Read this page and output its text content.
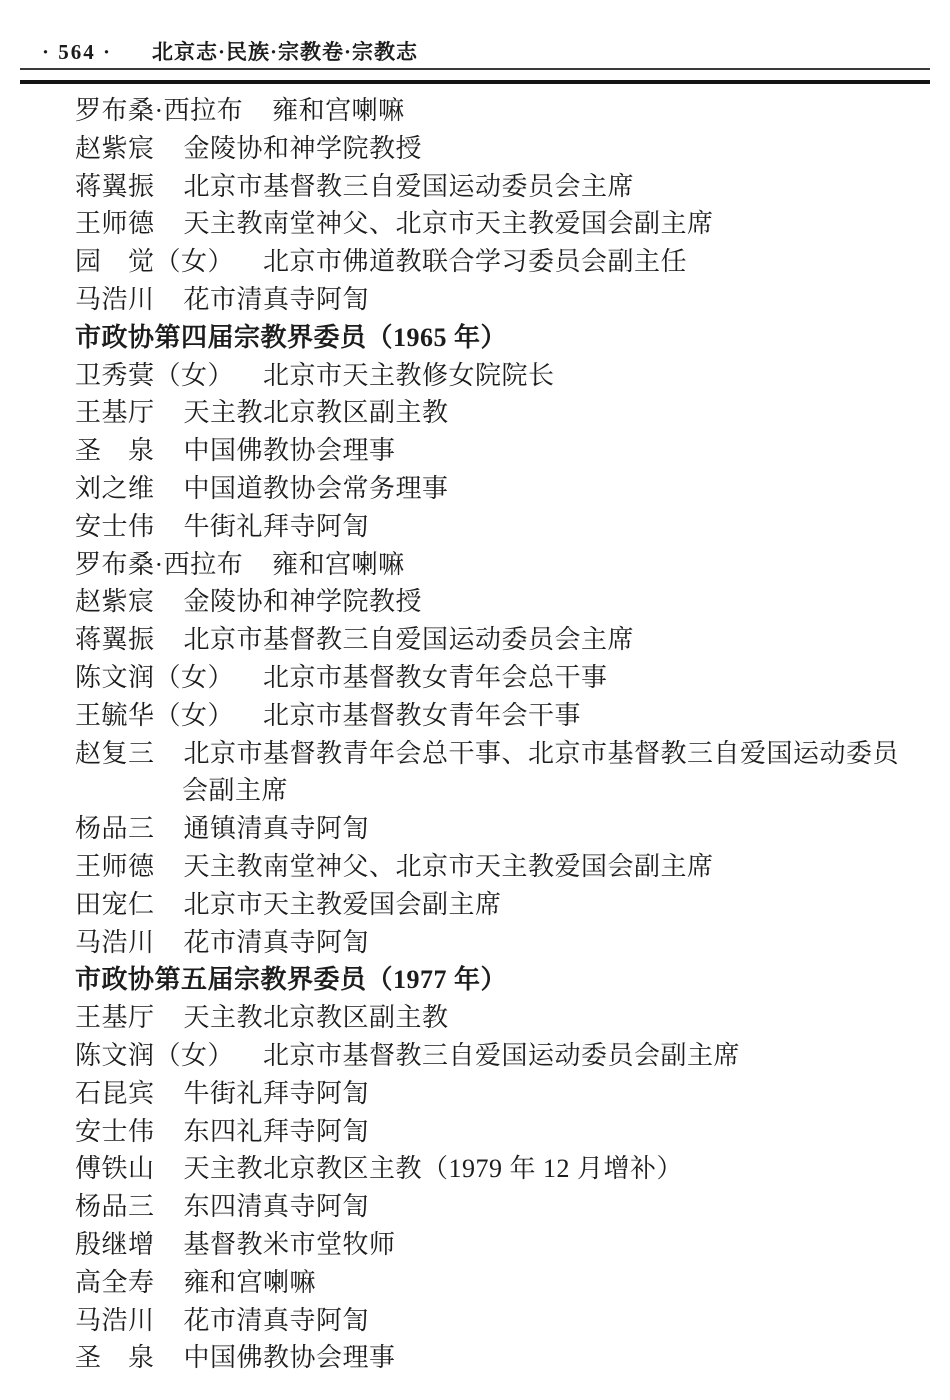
· 564 · 北京志·民族·宗教卷·宗教志
罗布桑·西拉布 雍和宫喇嘛
赵紫宸 金陵协和神学院教授
蒋翼振 北京市基督教三自爱国运动委员会主席
王师德 天主教南堂神父、北京市天主教爱国会副主席
园　觉（女） 北京市佛道教联合学习委员会副主任
马浩川 花市清真寺阿訇
市政协第四届宗教界委员（1965 年）
卫秀蓂（女） 北京市天主教修女院院长
王基厅 天主教北京教区副主教
圣　泉 中国佛教协会理事
刘之维 中国道教协会常务理事
安士伟 牛街礼拜寺阿訇
罗布桑·西拉布 雍和宫喇嘛
赵紫宸 金陵协和神学院教授
蒋翼振 北京市基督教三自爱国运动委员会主席
陈文润（女） 北京市基督教女青年会总干事
王毓华（女） 北京市基督教女青年会干事
赵复三 北京市基督教青年会总干事、北京市基督教三自爱国运动委员会副主席
杨品三 通镇清真寺阿訇
王师德 天主教南堂神父、北京市天主教爱国会副主席
田宠仁 北京市天主教爱国会副主席
马浩川 花市清真寺阿訇
市政协第五届宗教界委员（1977 年）
王基厅 天主教北京教区副主教
陈文润（女） 北京市基督教三自爱国运动委员会副主席
石昆宾 牛街礼拜寺阿訇
安士伟 东四礼拜寺阿訇
傅铁山 天主教北京教区主教（1979 年 12 月增补）
杨品三 东四清真寺阿訇
殷继增 基督教米市堂牧师
高全寿 雍和宫喇嘛
马浩川 花市清真寺阿訇
圣　泉 中国佛教协会理事
